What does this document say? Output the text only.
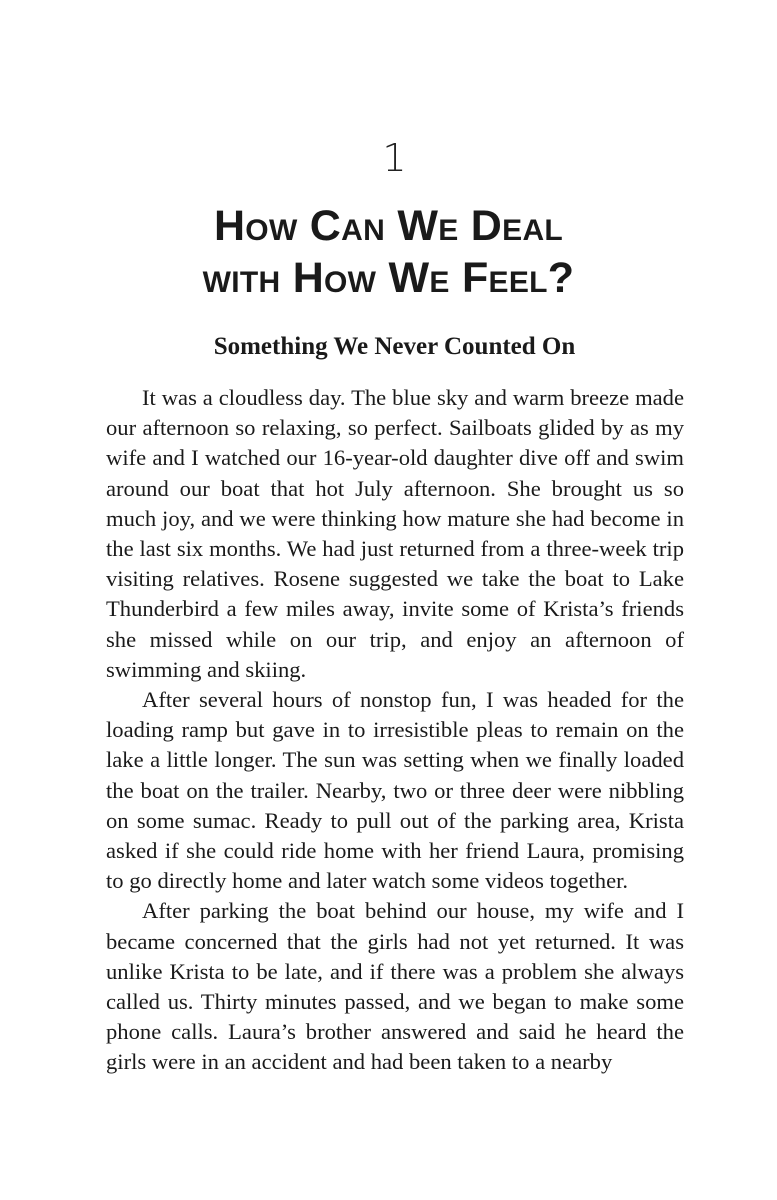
1
How Can We Deal
with How We Feel?
Something We Never Counted On

It was a cloudless day. The blue sky and warm breeze made our afternoon so relaxing, so perfect. Sailboats glided by as my wife and I watched our 16-year-old daughter dive off and swim around our boat that hot July afternoon. She brought us so much joy, and we were thinking how mature she had become in the last six months. We had just returned from a three-week trip visiting relatives. Rosene suggested we take the boat to Lake Thunderbird a few miles away, invite some of Krista’s friends she missed while on our trip, and enjoy an afternoon of swimming and skiing.

After several hours of nonstop fun, I was headed for the loading ramp but gave in to irresistible pleas to remain on the lake a little longer. The sun was setting when we finally loaded the boat on the trailer. Nearby, two or three deer were nibbling on some sumac. Ready to pull out of the parking area, Krista asked if she could ride home with her friend Laura, promising to go directly home and later watch some videos together.

After parking the boat behind our house, my wife and I became concerned that the girls had not yet returned. It was unlike Krista to be late, and if there was a problem she always called us. Thirty minutes passed, and we began to make some phone calls. Laura’s brother answered and said he heard the girls were in an accident and had been taken to a nearby
